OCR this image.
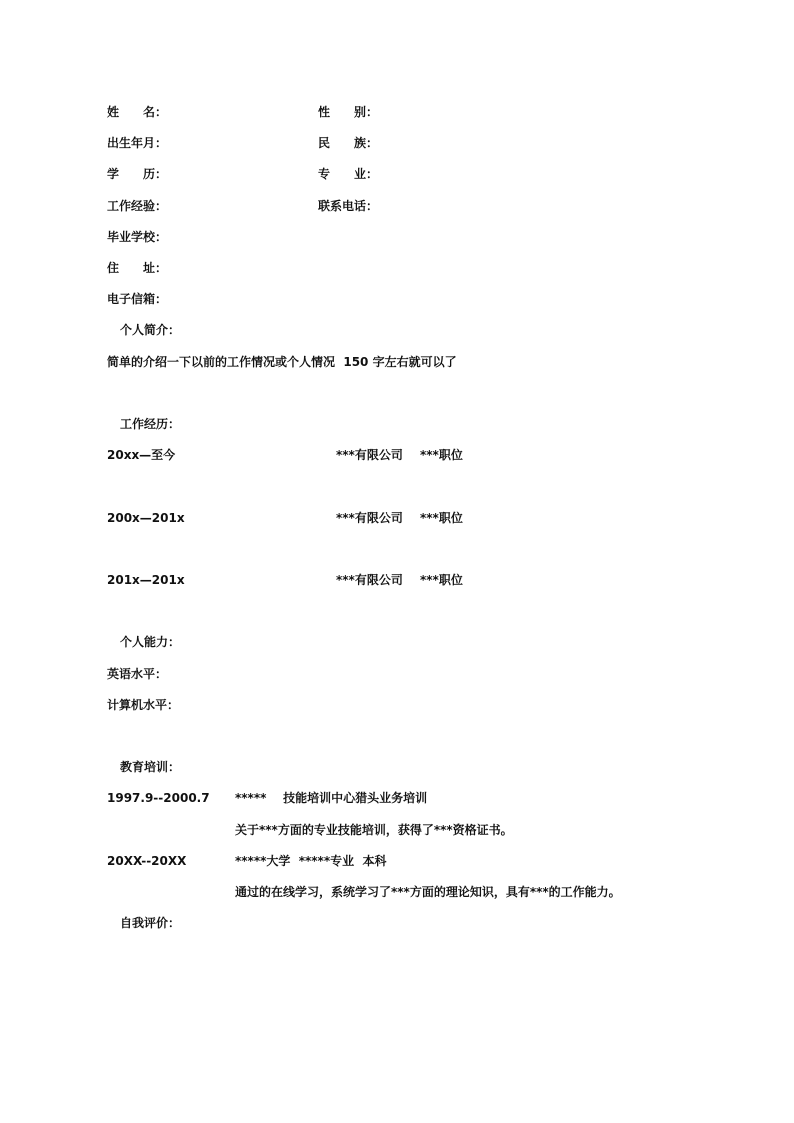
姓　　名：	性　　别：
出生年月：	民　　族：
学　　历：	专　　业：
工作经验：	联系电话：
毕业学校：
住　　址：
电子信箱：
个人简介：
简单的介绍一下以前的工作情况或个人情况  150 字左右就可以了
工作经历：
20xx—至今	***有限公司 ***职位
200x—201x	***有限公司 ***职位
201x—201x	***有限公司 ***职位
个人能力：
英语水平：
计算机水平：
教育培训：
1997.9--2000.7 *****    技能培训中心猎头业务培训
关于***方面的专业技能培训，获得了***资格证书。
20XX--20XX	*****大学  *****专业  本科
通过的在线学习，系统学习了***方面的理论知识，具有***的工作能力。
自我评价：
